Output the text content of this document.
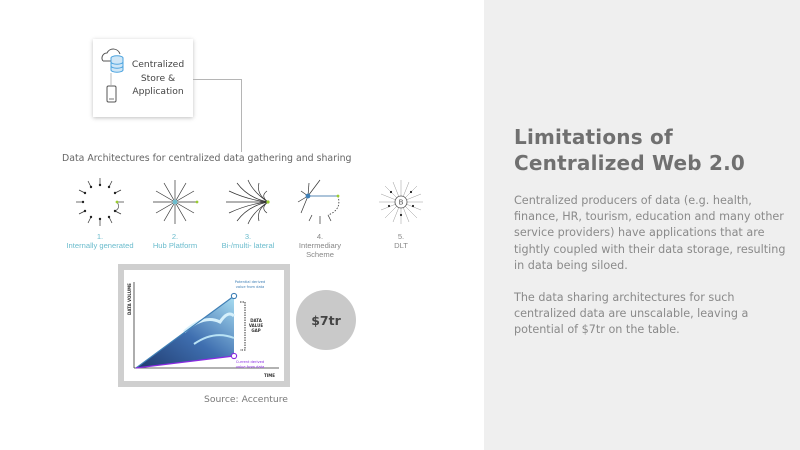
Limitations of
Centralized Web 2.0
Centralized producers of data (e.g. health, finance, HR, tourism, education and many other service providers) have applications that are tightly coupled with their data storage, resulting in data being siloed.
The data sharing architectures for such centralized data are unscalable, leaving a potential of $7tr on the table.
Centralized
Store &
Application
Data Architectures for centralized data gathering and sharing
1.
Internally generated
2.
Hub Platform
3.
Bi-/multi- lateral
4.
Intermediary
Scheme
B
5.
DLT
DATA VOLUME
TIME
Potential derived
value from data
Current derived
value from data
DATA
VALUE
GAP
$7tr
Source: Accenture
